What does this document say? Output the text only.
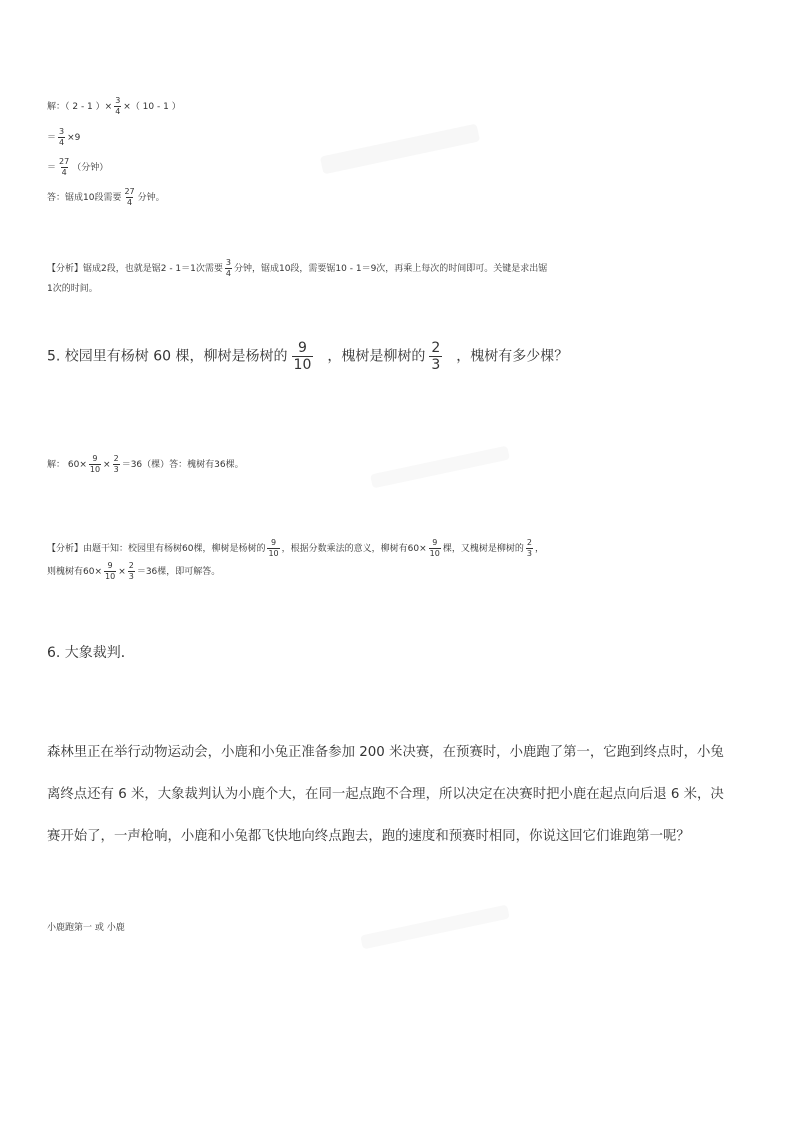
解：（ 2 - 1 ）× $\frac{3}{4}$ ×（ 10 - 1 ）
＝ $\frac{3}{4} \times 9$
＝ $\frac{27}{4}$ （分钟）
答：锯成10段需要 $\frac{27}{4}$ 分钟。
【分析】锯成2段，也就是锯2 - 1＝1次需要 $\frac{3}{4}$ 分钟，锯成10段，需要锯10 - 1＝9次，再乘上每次的时间即可。关键是求出锯
1次的时间。
5. 校园里有杨树 60 棵，柳树是杨树的 $\frac{9}{10}$ ，槐树是柳树的 $\frac{2}{3}$ ，槐树有多少棵？
解： $60\times \frac{9}{10} \times \frac{2}{3} =36$（棵）答：槐树有36棵。
【分析】由题干知：校园里有杨树60棵，柳树是杨树的 $\frac{9}{10}$ ，根据分数乘法的意义，柳树有$60\times \frac{9}{10}$ 棵，又槐树是柳树的 $\frac{2}{3}$ ，
则槐树有$60\times \frac{9}{10} \times \frac{2}{3} =36$棵，即可解答。
6. 大象裁判．
森林里正在举行动物运动会，小鹿和小兔正准备参加 200 米决赛，在预赛时，小鹿跑了第一，它跑到终点时，小兔
离终点还有 6 米，大象裁判认为小鹿个大，在同一起点跑不合理，所以决定在决赛时把小鹿在起点向后退 6 米，决
赛开始了，一声枪响，小鹿和小兔都飞快地向终点跑去，跑的速度和预赛时相同，你说这回它们谁跑第一呢？
小鹿跑第一 或 小鹿
